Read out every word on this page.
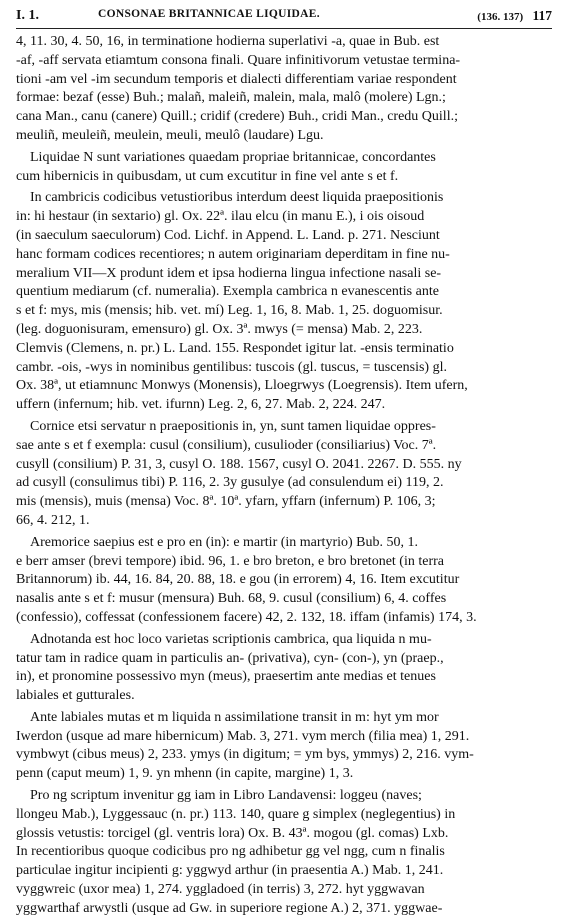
I. 1.	CONSONAE BRITANNICAE LIQUIDAE.	(136. 137) 117
4, 11. 30, 4. 50, 16, in terminatione hodierna superlativi -a, quae in Bub. est
-af, -aff servata etiamtum consona finali. Quare infinitivorum vetustae termina-
tioni -am vel -im secundum temporis et dialecti differentiam variae respondent
formae: bezaf (esse) Buh.; malañ, maleiñ, malein, mala, malô (molere) Lgn.;
cana Man., canu (canere) Quill.; cridif (credere) Buh., cridi Man., credu Quill.;
meuliñ, meuleiñ, meulein, meuli, meulô (laudare) Lgu.
Liquidae N sunt variationes quaedam propriae britannicae, concordantes
cum hibernicis in quibusdam, ut cum excutitur in fine vel ante s et f.
In cambricis codicibus vetustioribus interdum deest liquida praepositionis
in: hi hestaur (in sextario) gl. Ox. 22ª. ilau elcu (in manu E.), i ois oisoud
(in saeculum saeculorum) Cod. Lichf. in Append. L. Land. p. 271. Nesciunt
hanc formam codices recentiores; n autem originariam deperditam in fine nu-
meralium VII—X produnt idem et ipsa hodierna lingua infectione nasali se-
quentium mediarum (cf. numeralia). Exempla cambrica n evanescentis ante
s et f: mys, mis (mensis; hib. vet. mí) Leg. 1, 16, 8. Mab. 1, 25. doguomisur.
(leg. doguonisuram, emensuro) gl. Ox. 3ª. mwys (= mensa) Mab. 2, 223.
Clemvis (Clemens, n. pr.) L. Land. 155. Respondet igitur lat. -ensis terminatio
cambr. -ois, -wys in nominibus gentilibus: tuscois (gl. tuscus, = tuscensis) gl.
Ox. 38ª, ut etiamnunc Monwys (Monensis), Lloegrwys (Loegrensis). Item ufern,
uffern (infernum; hib. vet. ifurnn) Leg. 2, 6, 27. Mab. 2, 224. 247.
Cornice etsi servatur n praepositionis in, yn, sunt tamen liquidae oppres-
sae ante s et f exempla: cusul (consilium), cusulioder (consiliarius) Voc. 7ª.
cusyll (consilium) P. 31, 3, cusyl O. 188. 1567, cusyl O. 2041. 2267. D. 555. ny
ad cusyll (consulimus tibi) P. 116, 2. 3y gusulye (ad consulendum ei) 119, 2.
mis (mensis), muis (mensa) Voc. 8ª. 10ª. yfarn, yffarn (infernum) P. 106, 3;
66, 4. 212, 1.
Aremorice saepius est e pro en (in): e martir (in martyrio) Bub. 50, 1.
e berr amser (brevi tempore) ibid. 96, 1. e bro breton, e bro bretonet (in terra
Britannorum) ib. 44, 16. 84, 20. 88, 18. e gou (in errorem) 4, 16. Item excutitur
nasalis ante s et f: musur (mensura) Buh. 68, 9. cusul (consilium) 6, 4. coffes
(confessio), coffessat (confessionem facere) 42, 2. 132, 18. iffam (infamis) 174, 3.
Adnotanda est hoc loco varietas scriptionis cambrica, qua liquida n mu-
tatur tam in radice quam in particulis an- (privativa), cyn- (con-), yn (praep.,
in), et pronomine possessivo myn (meus), praesertim ante medias et tenues
labiales et gutturales.
Ante labiales mutas et m liquida n assimilatione transit in m: hyt ym mor
Iwerdon (usque ad mare hibernicum) Mab. 3, 271. vym merch (filia mea) 1, 291.
vymbwyt (cibus meus) 2, 233. ymys (in digitum; = ym bys, ymmys) 2, 216. vym-
penn (caput meum) 1, 9. yn mhenn (in capite, margine) 1, 3.
Pro ng scriptum invenitur gg iam in Libro Landavensi: loggeu (naves;
llongeu Mab.), Lyggessauc (n. pr.) 113. 140, quare g simplex (neglegentius) in
glossis vetustis: torcigel (gl. ventris lora) Ox. B. 43ª. mogou (gl. comas) Lxb.
In recentioribus quoque codicibus pro ng adhibetur gg vel ngg, cum n finalis
particulae ingitur incipienti g: yggwyd arthur (in praesentia A.) Mab. 1, 241.
vyggwreic (uxor mea) 1, 274. yggladoed (in terris) 3, 272. hyt yggwavan
yggwarthaf arwystli (usque ad Gw. in superiore regione A.) 2, 371. yggwae-
